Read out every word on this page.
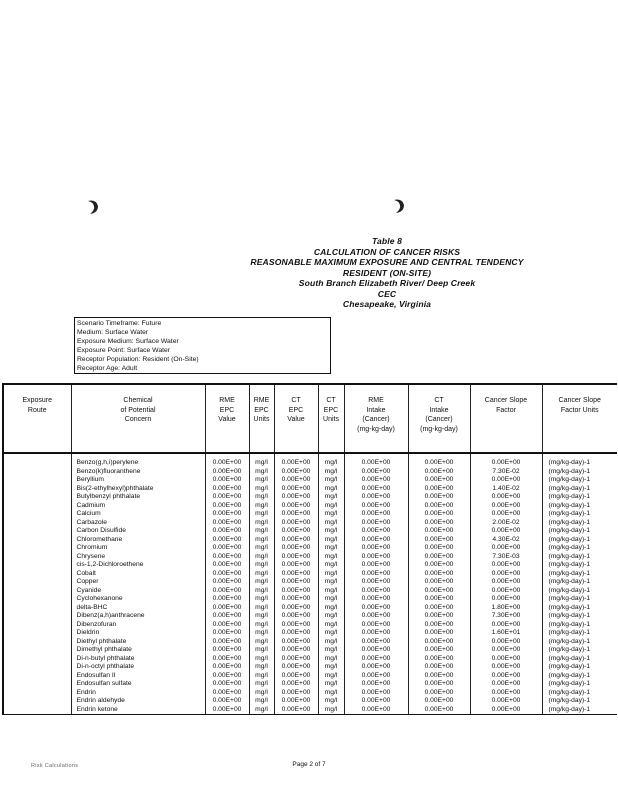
Table 8
CALCULATION OF CANCER RISKS
REASONABLE MAXIMUM EXPOSURE AND CENTRAL TENDENCY
RESIDENT (ON-SITE)
South Branch Elizabeth River/ Deep Creek
CEC
Chesapeake, Virginia
Scenario Timeframe: Future
Medium: Surface Water
Exposure Medium: Surface Water
Exposure Point: Surface Water
Receptor Population: Resident (On-Site)
Receptor Age: Adult
Exposure
Route	Chemical
of Potential
Concern	RME
EPC
Value	RME
EPC
Units	CT
EPC
Value	CT
EPC
Units	RME
Intake
(Cancer)
(mg-kg-day)	CT
Intake
(Cancer)
(mg-kg-day)	Cancer Slope
Factor	Cancer Slope
Factor Units

	Benzo(g,h,i)perylene	0.00E+00	mg/l	0.00E+00	mg/l	0.00E+00	0.00E+00	0.00E+00	(mg/kg-day)-1
	Benzo(k)fluoranthene	0.00E+00	mg/l	0.00E+00	mg/l	0.00E+00	0.00E+00	7.30E-02	(mg/kg-day)-1
	Beryllium	0.00E+00	mg/l	0.00E+00	mg/l	0.00E+00	0.00E+00	0.00E+00	(mg/kg-day)-1
	Bis(2-ethylhexyl)phthalate	0.00E+00	mg/l	0.00E+00	mg/l	0.00E+00	0.00E+00	1.40E-02	(mg/kg-day)-1
	Butylbenzyl phthalate	0.00E+00	mg/l	0.00E+00	mg/l	0.00E+00	0.00E+00	0.00E+00	(mg/kg-day)-1
	Cadmium	0.00E+00	mg/l	0.00E+00	mg/l	0.00E+00	0.00E+00	0.00E+00	(mg/kg-day)-1
	Calcium	0.00E+00	mg/l	0.00E+00	mg/l	0.00E+00	0.00E+00	0.00E+00	(mg/kg-day)-1
	Carbazole	0.00E+00	mg/l	0.00E+00	mg/l	0.00E+00	0.00E+00	2.00E-02	(mg/kg-day)-1
	Carbon Disulfide	0.00E+00	mg/l	0.00E+00	mg/l	0.00E+00	0.00E+00	0.00E+00	(mg/kg-day)-1
	Chloromethane	0.00E+00	mg/l	0.00E+00	mg/l	0.00E+00	0.00E+00	4.30E-02	(mg/kg-day)-1
	Chromium	0.00E+00	mg/l	0.00E+00	mg/l	0.00E+00	0.00E+00	0.00E+00	(mg/kg-day)-1
	Chrysene	0.00E+00	mg/l	0.00E+00	mg/l	0.00E+00	0.00E+00	7.30E-03	(mg/kg-day)-1
	cis-1,2-Dichloroethene	0.00E+00	mg/l	0.00E+00	mg/l	0.00E+00	0.00E+00	0.00E+00	(mg/kg-day)-1
	Cobalt	0.00E+00	mg/l	0.00E+00	mg/l	0.00E+00	0.00E+00	0.00E+00	(mg/kg-day)-1
	Copper	0.00E+00	mg/l	0.00E+00	mg/l	0.00E+00	0.00E+00	0.00E+00	(mg/kg-day)-1
	Cyanide	0.00E+00	mg/l	0.00E+00	mg/l	0.00E+00	0.00E+00	0.00E+00	(mg/kg-day)-1
	Cyclohexanone	0.00E+00	mg/l	0.00E+00	mg/l	0.00E+00	0.00E+00	0.00E+00	(mg/kg-day)-1
	delta-BHC	0.00E+00	mg/l	0.00E+00	mg/l	0.00E+00	0.00E+00	1.80E+00	(mg/kg-day)-1
	Dibenz(a,h)anthracene	0.00E+00	mg/l	0.00E+00	mg/l	0.00E+00	0.00E+00	7.30E+00	(mg/kg-day)-1
	Dibenzofuran	0.00E+00	mg/l	0.00E+00	mg/l	0.00E+00	0.00E+00	0.00E+00	(mg/kg-day)-1
	Dieldrin	0.00E+00	mg/l	0.00E+00	mg/l	0.00E+00	0.00E+00	1.60E+01	(mg/kg-day)-1
	Diethyl phthalate	0.00E+00	mg/l	0.00E+00	mg/l	0.00E+00	0.00E+00	0.00E+00	(mg/kg-day)-1
	Dimethyl phthalate	0.00E+00	mg/l	0.00E+00	mg/l	0.00E+00	0.00E+00	0.00E+00	(mg/kg-day)-1
	Di-n-butyl phthalate	0.00E+00	mg/l	0.00E+00	mg/l	0.00E+00	0.00E+00	0.00E+00	(mg/kg-day)-1
	Di-n-octyl phthalate	0.00E+00	mg/l	0.00E+00	mg/l	0.00E+00	0.00E+00	0.00E+00	(mg/kg-day)-1
	Endosulfan II	0.00E+00	mg/l	0.00E+00	mg/l	0.00E+00	0.00E+00	0.00E+00	(mg/kg-day)-1
	Endosulfan sulfate	0.00E+00	mg/l	0.00E+00	mg/l	0.00E+00	0.00E+00	0.00E+00	(mg/kg-day)-1
	Endrin	0.00E+00	mg/l	0.00E+00	mg/l	0.00E+00	0.00E+00	0.00E+00	(mg/kg-day)-1
	Endrin aldehyde	0.00E+00	mg/l	0.00E+00	mg/l	0.00E+00	0.00E+00	0.00E+00	(mg/kg-day)-1
	Endrin ketone	0.00E+00	mg/l	0.00E+00	mg/l	0.00E+00	0.00E+00	0.00E+00	(mg/kg-day)-1
Risk Calculations	Page 2 of 7
